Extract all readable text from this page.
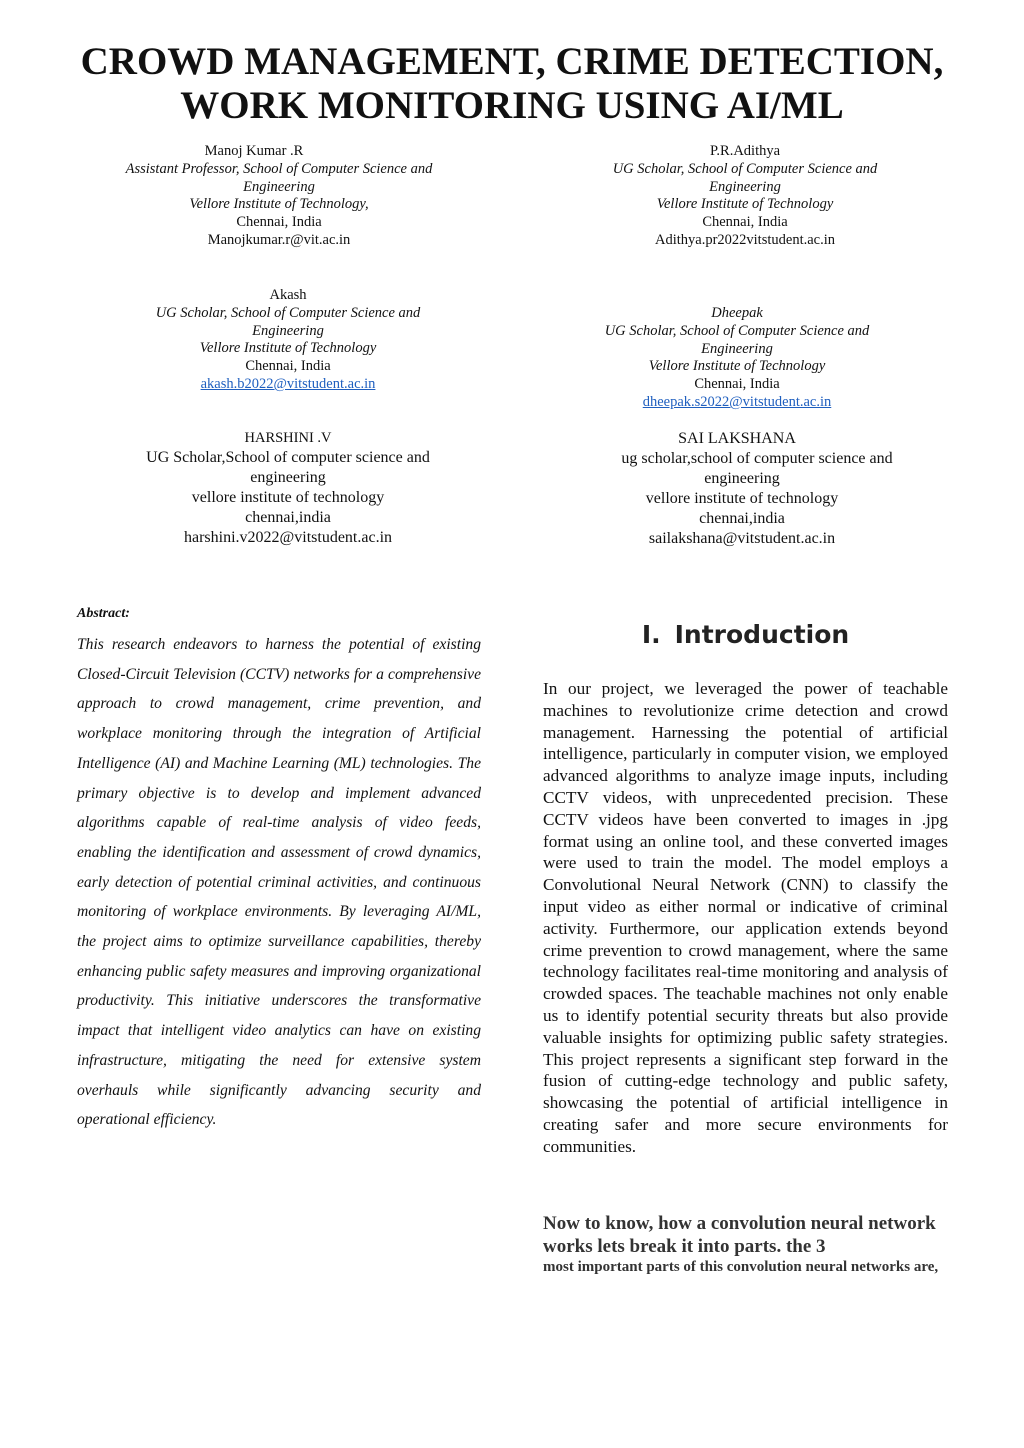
CROWD MANAGEMENT, CRIME DETECTION,
WORK MONITORING USING AI/ML
Manoj Kumar .R
Assistant Professor, School of Computer Science and
Engineering
Vellore Institute of Technology,
Chennai, India
Manojkumar.r@vit.ac.in
P.R.Adithya
UG Scholar, School of Computer Science and
Engineering
Vellore Institute of Technology
Chennai, India
Adithya.pr2022vitstudent.ac.in
Akash
UG Scholar, School of Computer Science and
Engineering
Vellore Institute of Technology
Chennai, India
akash.b2022@vitstudent.ac.in
Dheepak
UG Scholar, School of Computer Science and
Engineering
Vellore Institute of Technology
Chennai, India
dheepak.s2022@vitstudent.ac.in
HARSHINI .V
UG Scholar,School of computer science and
engineering
vellore institute of technology
chennai,india
harshini.v2022@vitstudent.ac.in
SAI LAKSHANA
ug scholar,school of computer science and
engineering
vellore institute of technology
chennai,india
sailakshana@vitstudent.ac.in
Abstract:
This research endeavors to harness the potential of existing Closed-Circuit Television (CCTV) networks for a comprehensive approach to crowd management, crime prevention, and workplace monitoring through the integration of Artificial Intelligence (AI) and Machine Learning (ML) technologies. The primary objective is to develop and implement advanced algorithms capable of real-time analysis of video feeds, enabling the identification and assessment of crowd dynamics, early detection of potential criminal activities, and continuous monitoring of workplace environments. By leveraging AI/ML, the project aims to optimize surveillance capabilities, thereby enhancing public safety measures and improving organizational productivity. This initiative underscores the transformative impact that intelligent video analytics can have on existing infrastructure, mitigating the need for extensive system overhauls while significantly advancing security and operational efficiency.
I. Introduction
In our project, we leveraged the power of teachable machines to revolutionize crime detection and crowd management. Harnessing the potential of artificial intelligence, particularly in computer vision, we employed advanced algorithms to analyze image inputs, including CCTV videos, with unprecedented precision. These CCTV videos have been converted to images in .jpg format using an online tool, and these converted images were used to train the model. The model employs a Convolutional Neural Network (CNN) to classify the input video as either normal or indicative of criminal activity. Furthermore, our application extends beyond crime prevention to crowd management, where the same technology facilitates real-time monitoring and analysis of crowded spaces. The teachable machines not only enable us to identify potential security threats but also provide valuable insights for optimizing public safety strategies. This project represents a significant step forward in the fusion of cutting-edge technology and public safety, showcasing the potential of artificial intelligence in creating safer and more secure environments for communities.
Now to know, how a convolution neural network works lets break it into parts. the 3
most important parts of this convolution neural networks are,
